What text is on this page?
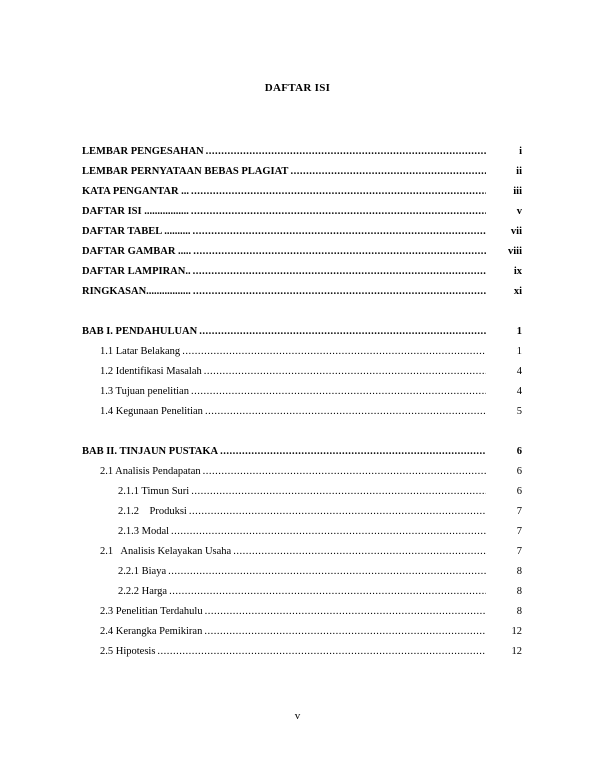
DAFTAR ISI
LEMBAR PENGESAHAN .....	i
LEMBAR PERNYATAAN BEBAS PLAGIAT .....	ii
KATA PENGANTAR ... .....	iii
DAFTAR ISI ................. .....	v
DAFTAR TABEL .......... .....	vii
DAFTAR GAMBAR ..... .....	viii
DAFTAR LAMPIRAN.. .....	ix
RINGKASAN................. .....	xi
BAB I. PENDAHULUAN .....	1
1.1 Latar Belakang .....	1
1.2 Identifikasi Masalah .....	4
1.3 Tujuan penelitian .....	4
1.4 Kegunaan Penelitian .....	5
BAB II. TINJAUN PUSTAKA .....	6
2.1 Analisis Pendapatan .....	6
2.1.1 Timun Suri .....	6
2.1.2    Produksi .....	7
2.1.3 Modal .....	7
2.1   Analisis Kelayakan Usaha .....	7
2.2.1 Biaya .....	8
2.2.2 Harga .....	8
2.3 Penelitian Terdahulu .....	8
2.4 Kerangka Pemikiran .....	12
2.5 Hipotesis .....	12
v
